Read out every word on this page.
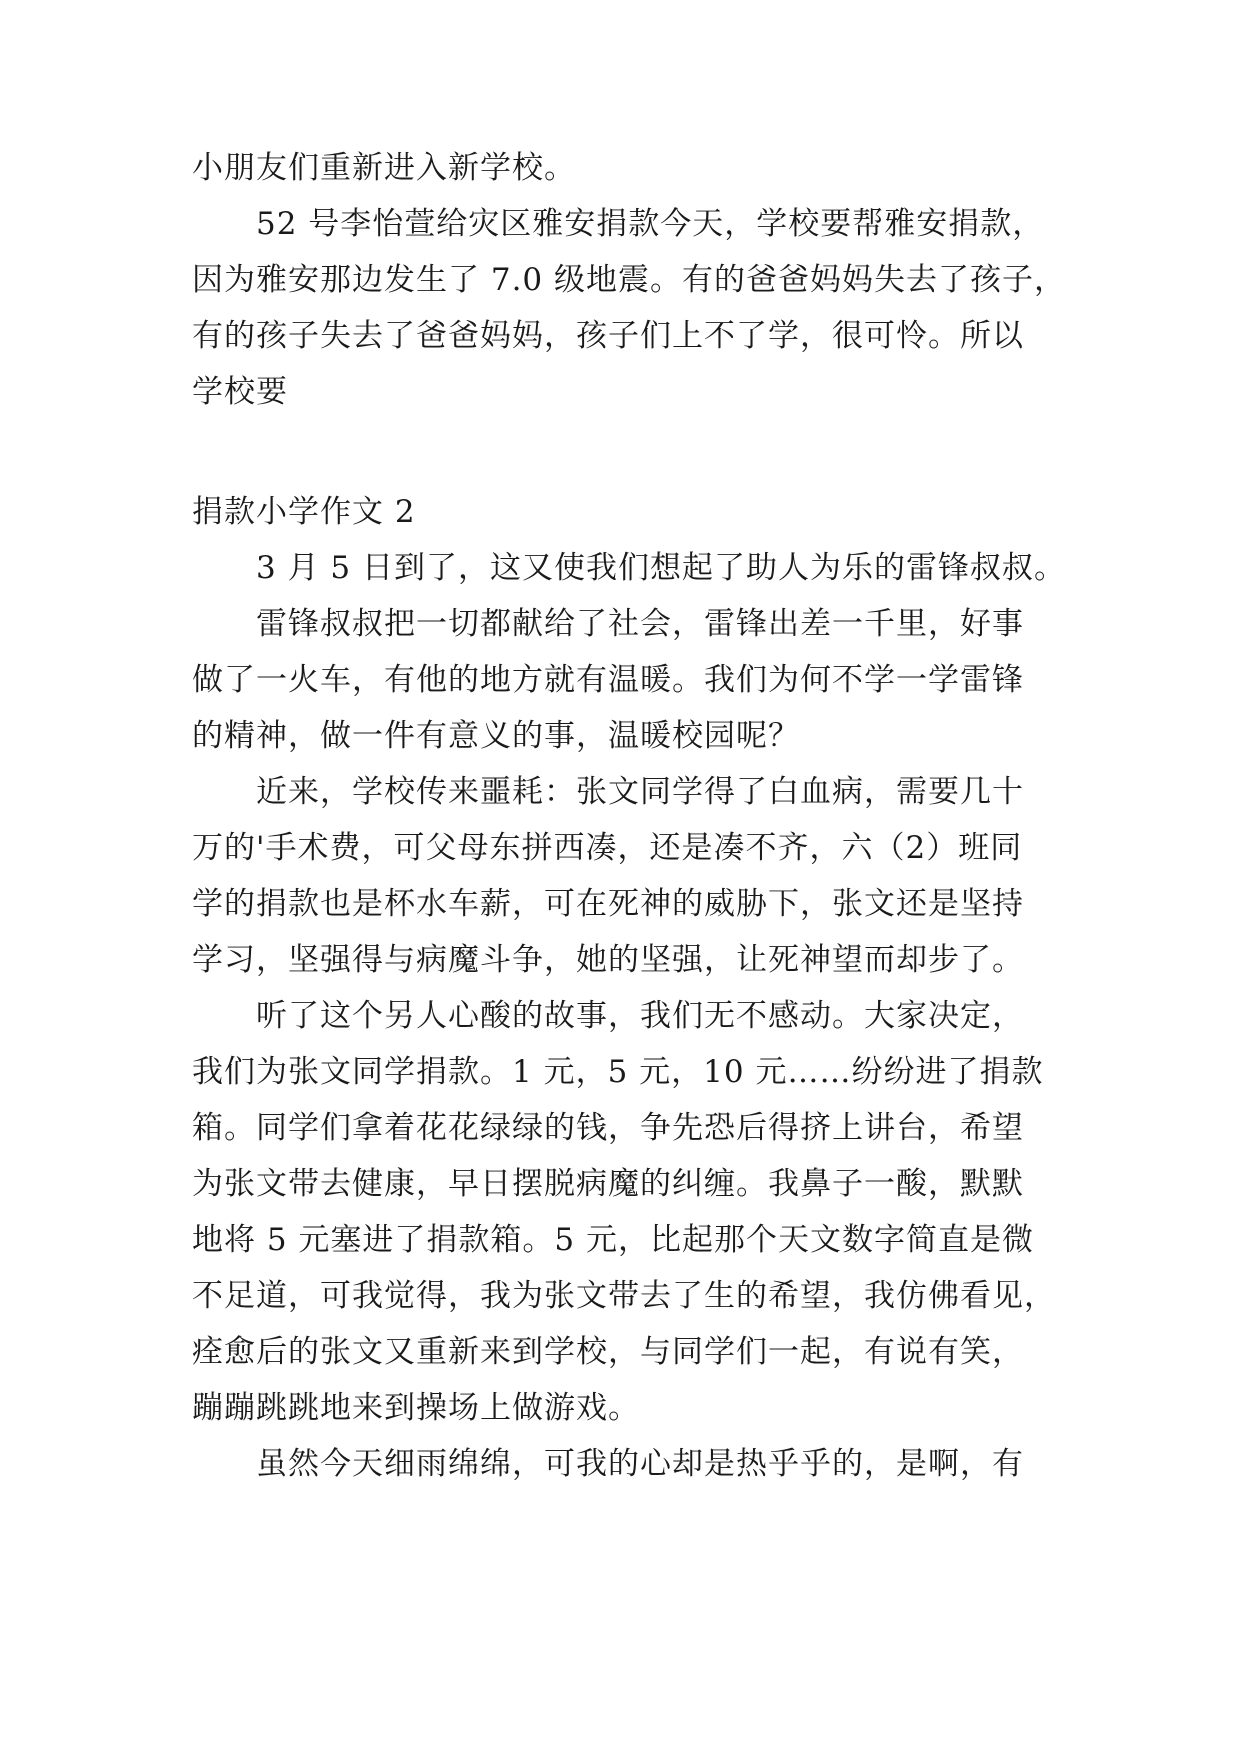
小朋友们重新进入新学校。
52 号李怡萱给灾区雅安捐款今天，学校要帮雅安捐款，
因为雅安那边发生了 7.0 级地震。有的爸爸妈妈失去了孩子，
有的孩子失去了爸爸妈妈，孩子们上不了学，很可怜。所以
学校要
捐款小学作文 2
3 月 5 日到了，这又使我们想起了助人为乐的雷锋叔叔。
雷锋叔叔把一切都献给了社会，雷锋出差一千里，好事
做了一火车，有他的地方就有温暖。我们为何不学一学雷锋
的精神，做一件有意义的事，温暖校园呢？
近来，学校传来噩耗：张文同学得了白血病，需要几十
万的'手术费，可父母东拼西凑，还是凑不齐，六（2）班同
学的捐款也是杯水车薪，可在死神的威胁下，张文还是坚持
学习，坚强得与病魔斗争，她的坚强，让死神望而却步了。
听了这个另人心酸的故事，我们无不感动。大家决定，
我们为张文同学捐款。1 元，5 元，10 元……纷纷进了捐款
箱。同学们拿着花花绿绿的钱，争先恐后得挤上讲台，希望
为张文带去健康，早日摆脱病魔的纠缠。我鼻子一酸，默默
地将 5 元塞进了捐款箱。5 元，比起那个天文数字简直是微
不足道，可我觉得，我为张文带去了生的希望，我仿佛看见，
痊愈后的张文又重新来到学校，与同学们一起，有说有笑，
蹦蹦跳跳地来到操场上做游戏。
虽然今天细雨绵绵，可我的心却是热乎乎的，是啊，有
